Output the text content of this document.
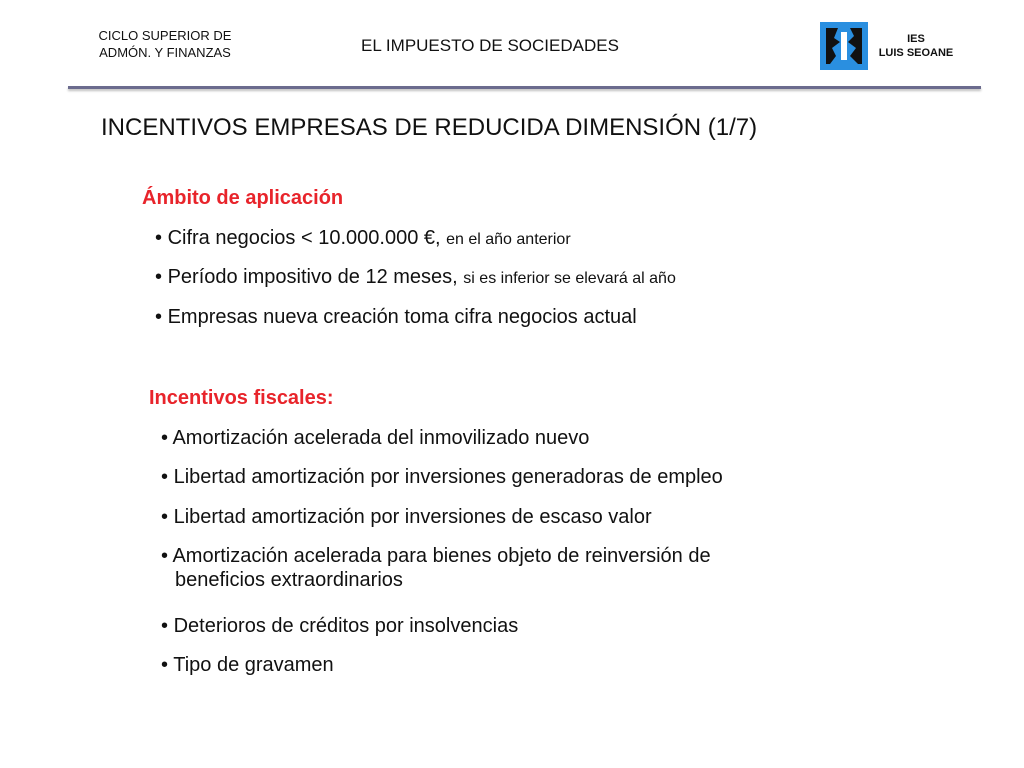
CICLO SUPERIOR DE
ADMÓN. Y FINANZAS	EL IMPUESTO DE SOCIEDADES	IES
LUIS SEOANE
INCENTIVOS EMPRESAS DE REDUCIDA DIMENSIÓN (1/7)
Ámbito de aplicación
• Cifra negocios < 10.000.000 €, en el año anterior
• Período impositivo de 12 meses, si es inferior se elevará al año
• Empresas nueva creación toma cifra negocios actual
Incentivos fiscales:
• Amortización acelerada del inmovilizado nuevo
• Libertad amortización por inversiones generadoras de empleo
• Libertad amortización por inversiones de escaso valor
• Amortización acelerada para bienes objeto de reinversión de
beneficios extraordinarios
• Deterioros de créditos por insolvencias
• Tipo de gravamen
